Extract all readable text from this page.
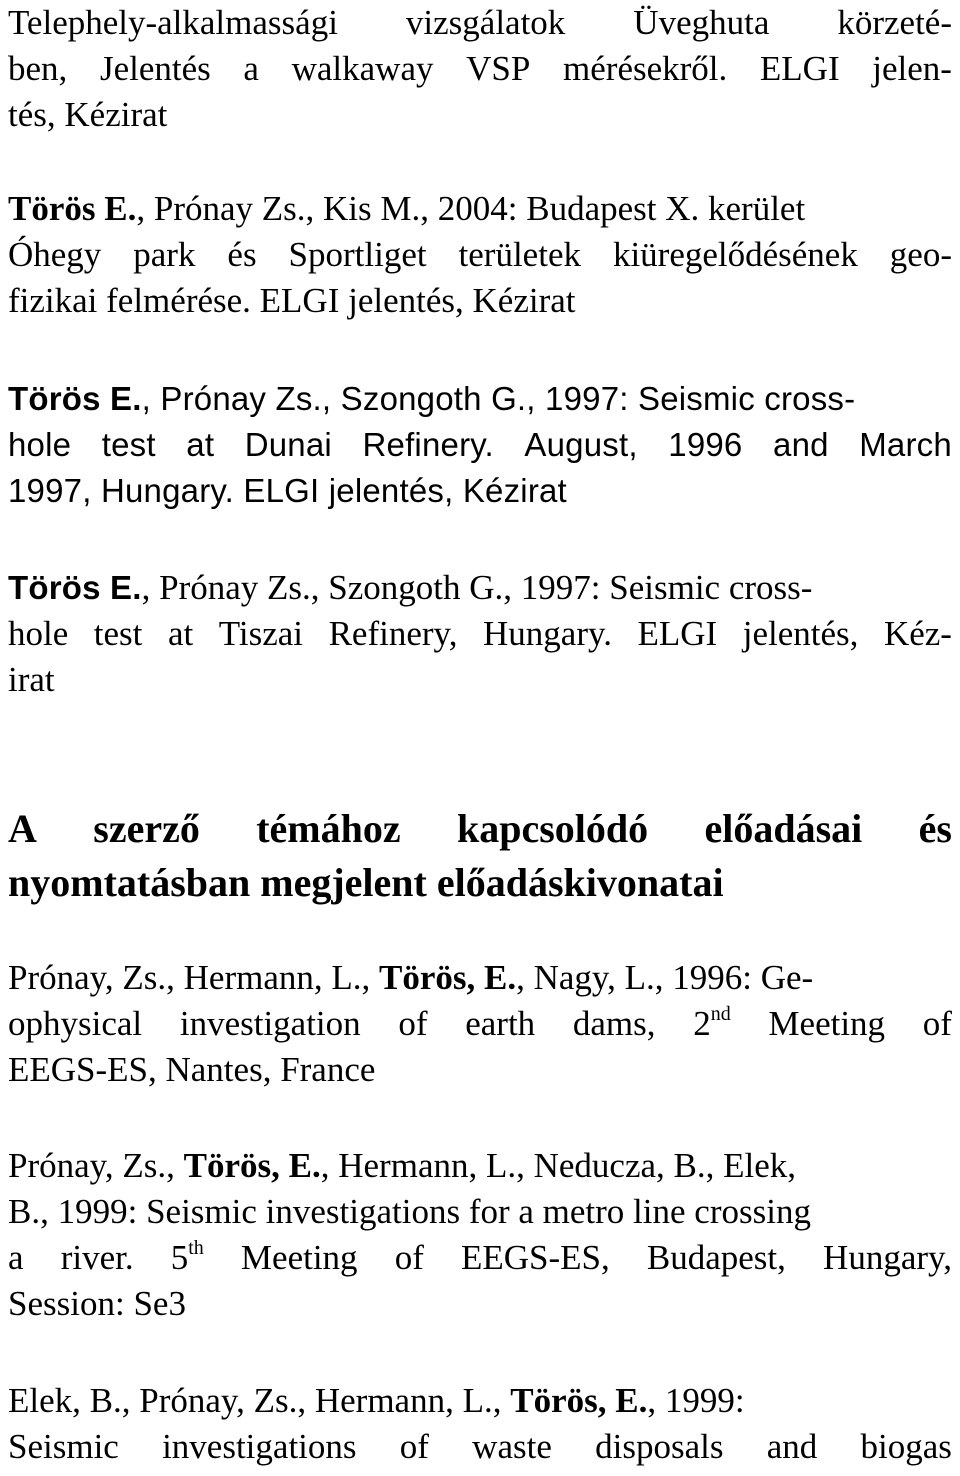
Telephely-alkalmassági vizsgálatok Üveghuta körzeté-
ben, Jelentés a walkaway VSP mérésekről. ELGI jelen-
tés, Kézirat
Törös E., Prónay Zs., Kis M., 2004: Budapest X. kerület
Óhegy park és Sportliget területek kiüregelődésének geo-
fizikai felmérése. ELGI jelentés, Kézirat
Törös E., Prónay Zs., Szongoth G., 1997: Seismic cross-
hole test at Dunai Refinery. August, 1996 and March
1997, Hungary. ELGI jelentés, Kézirat
Törös E., Prónay Zs., Szongoth G., 1997: Seismic cross-
hole test at Tiszai Refinery, Hungary. ELGI jelentés, Kéz-
irat
A szerző témához kapcsolódó előadásai és
nyomtatásban megjelent előadáskivonatai
Prónay, Zs., Hermann, L., Törös, E., Nagy, L., 1996: Ge-
ophysical investigation of earth dams, 2nd Meeting of
EEGS-ES, Nantes, France
Prónay, Zs., Törös, E., Hermann, L., Neducza, B., Elek,
B., 1999: Seismic investigations for a metro line crossing
a river. 5th Meeting of EEGS-ES, Budapest, Hungary,
Session: Se3
Elek, B., Prónay, Zs., Hermann, L., Törös, E., 1999:
Seismic investigations of waste disposals and biogas
